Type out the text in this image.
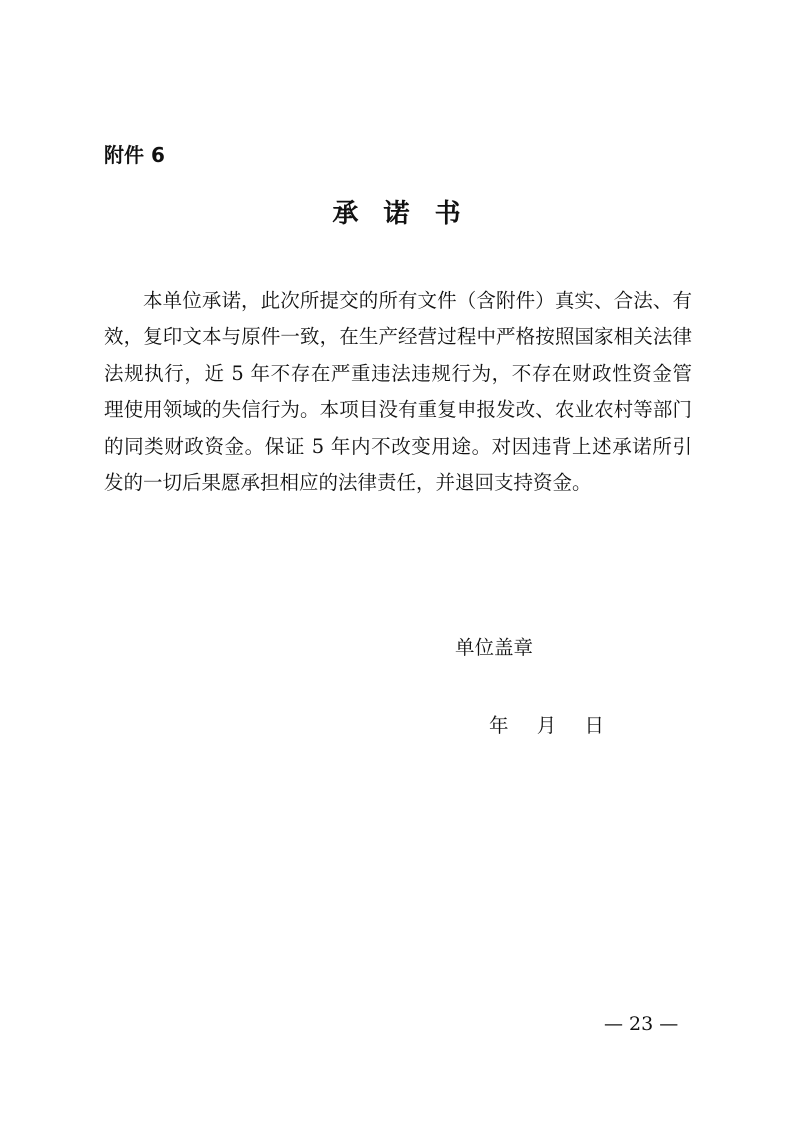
附件 6
承 诺 书

本单位承诺，此次所提交的所有文件（含附件）真实、合法、有效，复印文本与原件一致，在生产经营过程中严格按照国家相关法律法规执行，近 5 年不存在严重违法违规行为，不存在财政性资金管理使用领域的失信行为。本项目没有重复申报发改、农业农村等部门的同类财政资金。保证 5 年内不改变用途。对因违背上述承诺所引发的一切后果愿承担相应的法律责任，并退回支持资金。

单位盖章
年 月 日
— 23 —
